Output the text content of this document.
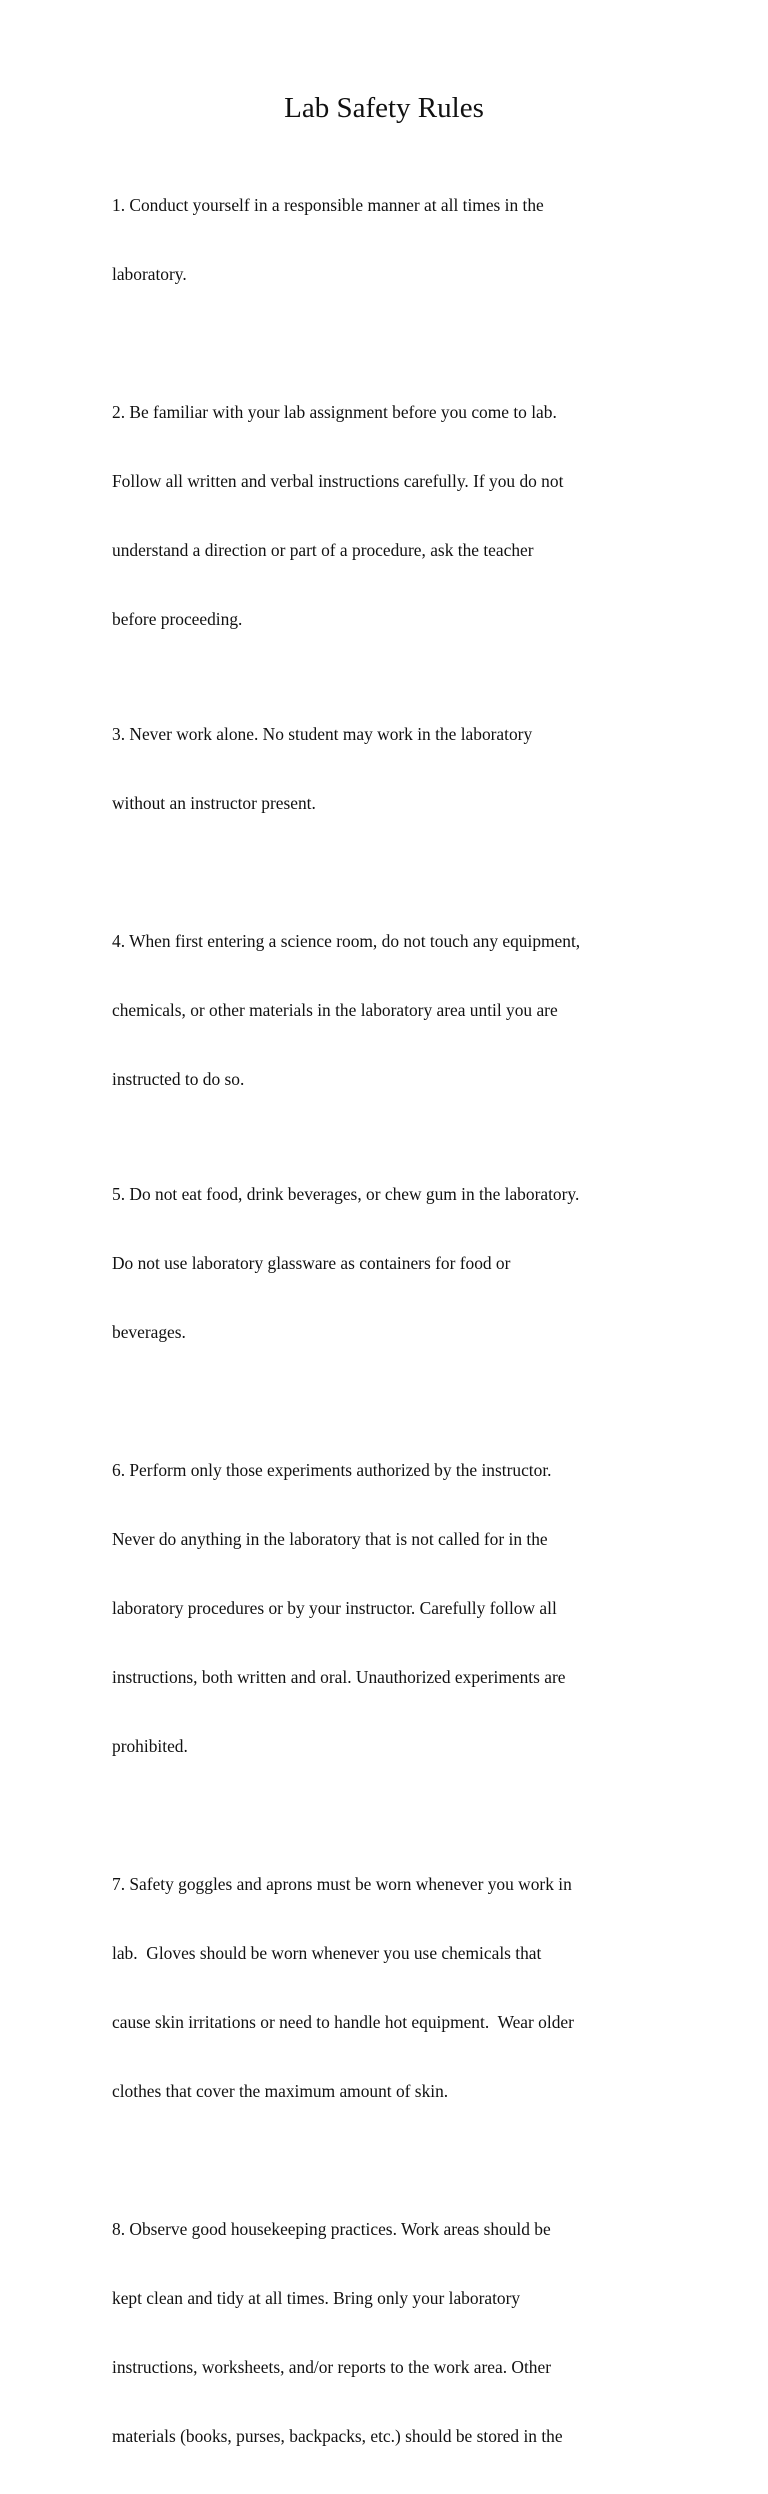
Lab Safety Rules

1. Conduct yourself in a responsible manner at all times in the

laboratory.

2. Be familiar with your lab assignment before you come to lab.

Follow all written and verbal instructions carefully. If you do not

understand a direction or part of a procedure, ask the teacher

before proceeding.

3. Never work alone. No student may work in the laboratory

without an instructor present.

4. When first entering a science room, do not touch any equipment,

chemicals, or other materials in the laboratory area until you are

instructed to do so.

5. Do not eat food, drink beverages, or chew gum in the laboratory.

Do not use laboratory glassware as containers for food or

beverages.

6. Perform only those experiments authorized by the instructor.

Never do anything in the laboratory that is not called for in the

laboratory procedures or by your instructor. Carefully follow all

instructions, both written and oral. Unauthorized experiments are

prohibited.

7. Safety goggles and aprons must be worn whenever you work in

lab.  Gloves should be worn whenever you use chemicals that

cause skin irritations or need to handle hot equipment.  Wear older

clothes that cover the maximum amount of skin.

8. Observe good housekeeping practices. Work areas should be

kept clean and tidy at all times. Bring only your laboratory

instructions, worksheets, and/or reports to the work area. Other

materials (books, purses, backpacks, etc.) should be stored in the
